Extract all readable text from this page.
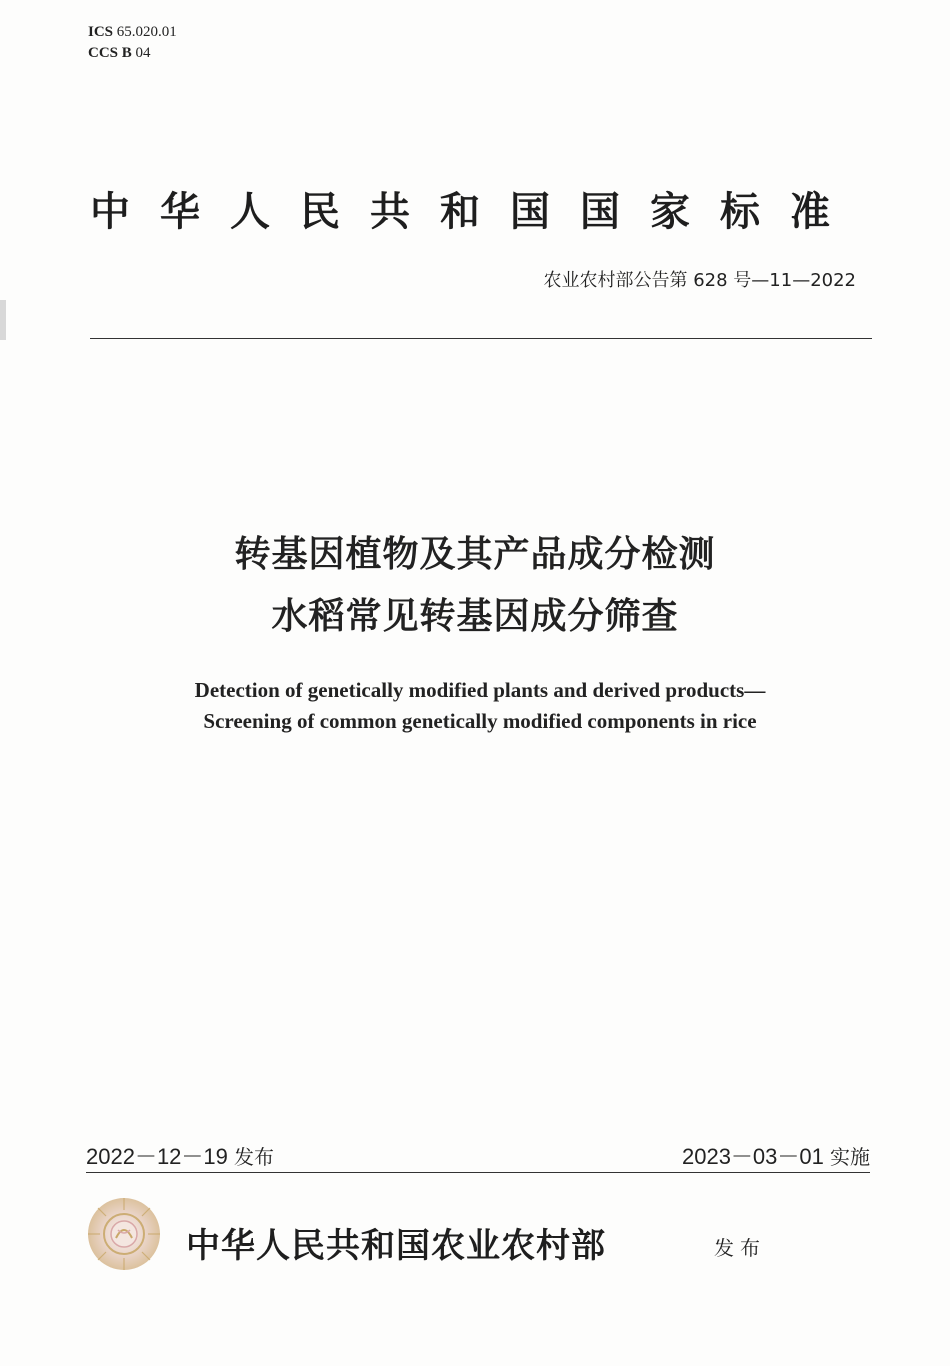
ICS 65.020.01
CCS B 04
中华人民共和国国家标准
农业农村部公告第 628 号—11—2022
转基因植物及其产品成分检测
水稻常见转基因成分筛查
Detection of genetically modified plants and derived products—
Screening of common genetically modified components in rice
2022－12－19 发布	2023－03－01 实施
中华人民共和国农业农村部	发布
